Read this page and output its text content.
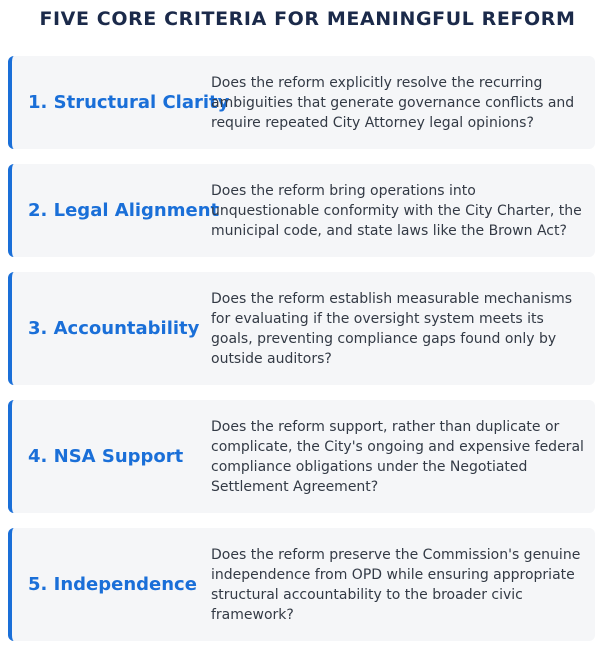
FIVE CORE CRITERIA FOR MEANINGFUL REFORM
1. Structural Clarity
Does the reform explicitly resolve the recurring ambiguities that generate governance conflicts and require repeated City Attorney legal opinions?
2. Legal Alignment
Does the reform bring operations into unquestionable conformity with the City Charter, the municipal code, and state laws like the Brown Act?
3. Accountability
Does the reform establish measurable mechanisms for evaluating if the oversight system meets its goals, preventing compliance gaps found only by outside auditors?
4. NSA Support
Does the reform support, rather than duplicate or complicate, the City's ongoing and expensive federal compliance obligations under the Negotiated Settlement Agreement?
5. Independence
Does the reform preserve the Commission's genuine independence from OPD while ensuring appropriate structural accountability to the broader civic framework?
